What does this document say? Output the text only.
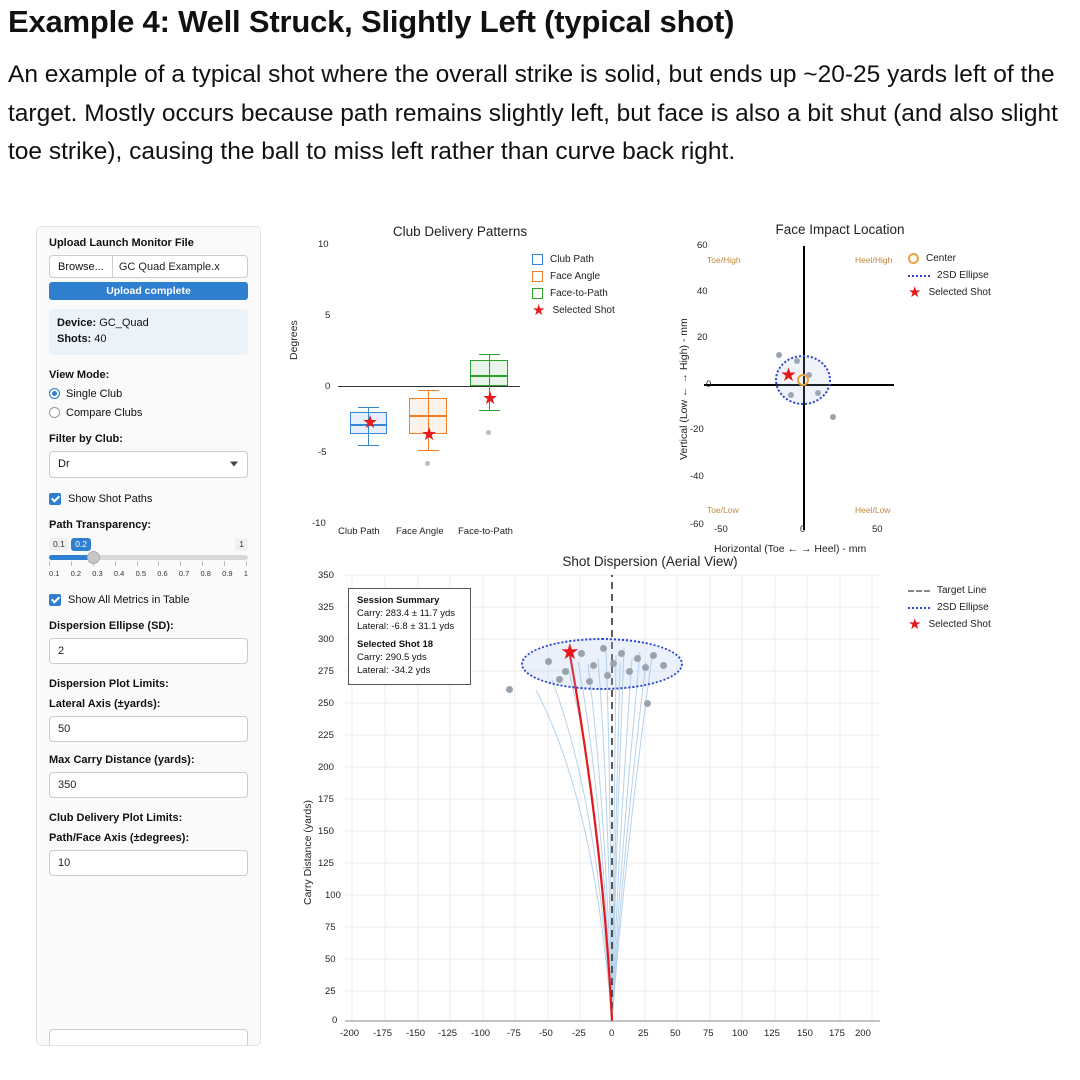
Example 4: Well Struck, Slightly Left (typical shot)
An example of a typical shot where the overall strike is solid, but ends up ~20-25 yards left of the target. Mostly occurs because path remains slightly left, but face is also a bit shut (and also slight toe strike), causing the ball to miss left rather than curve back right.
Upload Launch Monitor File
Browse...	GC Quad Example.x
Upload complete
Device: GC_Quad
Shots: 40
View Mode:
Single Club
Compare Clubs
Filter by Club:
Dr
Show Shot Paths
Path Transparency:
0.1 0.2	1
0.1 0.2 0.3 0.4 0.5 0.6 0.7 0.8 0.9 1
Show All Metrics in Table
Dispersion Ellipse (SD):
2
Dispersion Plot Limits:
Lateral Axis (±yards):
50
Max Carry Distance (yards):
350
Club Delivery Plot Limits:
Path/Face Axis (±degrees):
10
Club Delivery Patterns
10
5
0
-5
-10
Degrees
★
★
★
Club Path Face Angle Face-to-Path
Club Path
Face Angle
Face-to-Path
★ Selected Shot
Face Impact Location
60
40
20
0
-20
-40
-60 -50	0	50
Horizontal (Toe ← → Heel) - mm
Vertical (Low ← → High) - mm
Toe/High	Heel/High
Toe/Low	Heel/Low
★
Center
2SD Ellipse
★ Selected Shot
Shot Dispersion (Aerial View)
★
Session Summary
Carry: 283.4 ± 11.7 yds
Lateral: -6.8 ± 31.1 yds
Selected Shot 18
Carry: 290.5 yds
Lateral: -34.2 yds
Carry Distance (yards)
350
325
300
275
250
225
200
175
150
125
100
75
50
25
0
-200 -175 -150 -125 -100 -75 -50 -25 0 25 50 75 100 125 150 175 200
Target Line
2SD Ellipse
★ Selected Shot
